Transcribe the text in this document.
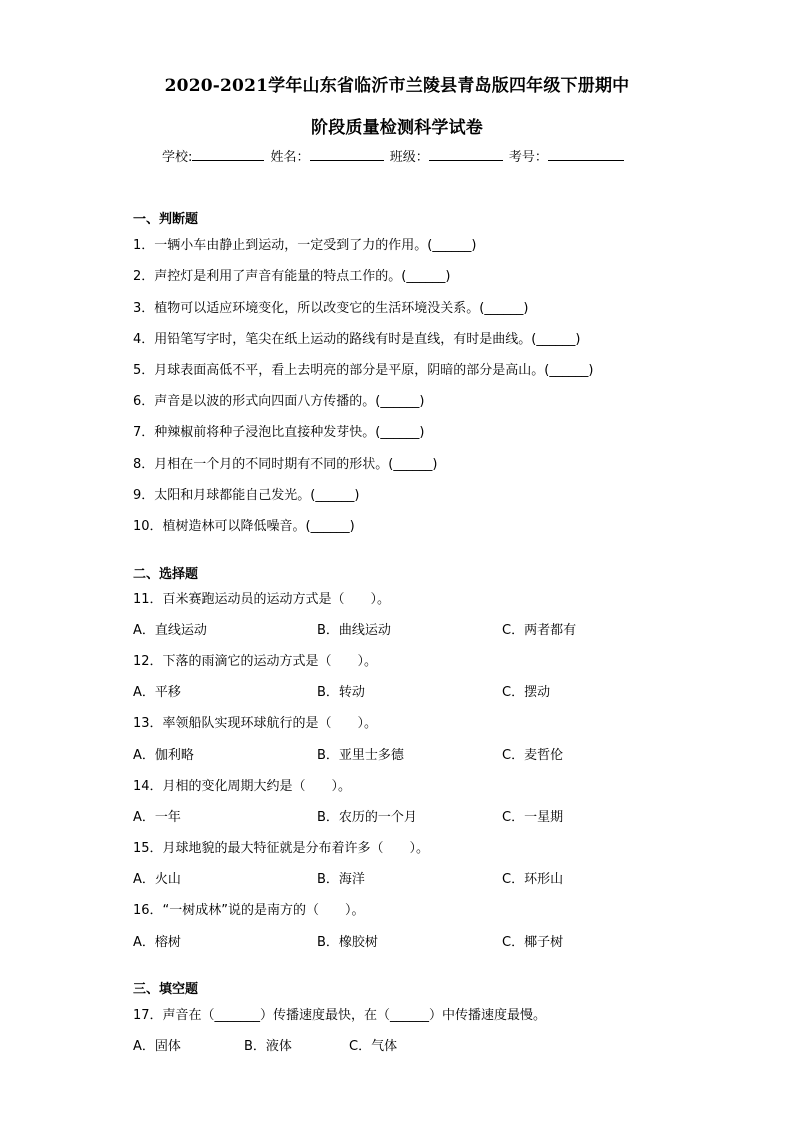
2020-2021学年山东省临沂市兰陵县青岛版四年级下册期中
阶段质量检测科学试卷
学校:	姓名：	班级：	考号：
一、判断题
1．一辆小车由静止到运动，一定受到了力的作用。(______)
2．声控灯是利用了声音有能量的特点工作的。(______)
3．植物可以适应环境变化，所以改变它的生活环境没关系。(______)
4．用铅笔写字时，笔尖在纸上运动的路线有时是直线，有时是曲线。(______)
5．月球表面高低不平，看上去明亮的部分是平原，阴暗的部分是高山。(______)
6．声音是以波的形式向四面八方传播的。(______)
7．种辣椒前将种子浸泡比直接种发芽快。(______)
8．月相在一个月的不同时期有不同的形状。(______)
9．太阳和月球都能自己发光。(______)
10．植树造林可以降低噪音。(______)
二、选择题
11．百米赛跑运动员的运动方式是（　　）。
A．直线运动	B．曲线运动	C．两者都有
12．下落的雨滴它的运动方式是（　　）。
A．平移	B．转动	C．摆动
13．率领船队实现环球航行的是（　　）。
A．伽利略	B．亚里士多德	C．麦哲伦
14．月相的变化周期大约是（　　）。
A．一年	B．农历的一个月	C．一星期
15．月球地貌的最大特征就是分布着许多（　　）。
A．火山	B．海洋	C．环形山
16．“一树成林”说的是南方的（　　）。
A．榕树	B．橡胶树	C．椰子树
三、填空题
17．声音在（_______）传播速度最快，在（______）中传播速度最慢。
A．固体	B．液体	C．气体
